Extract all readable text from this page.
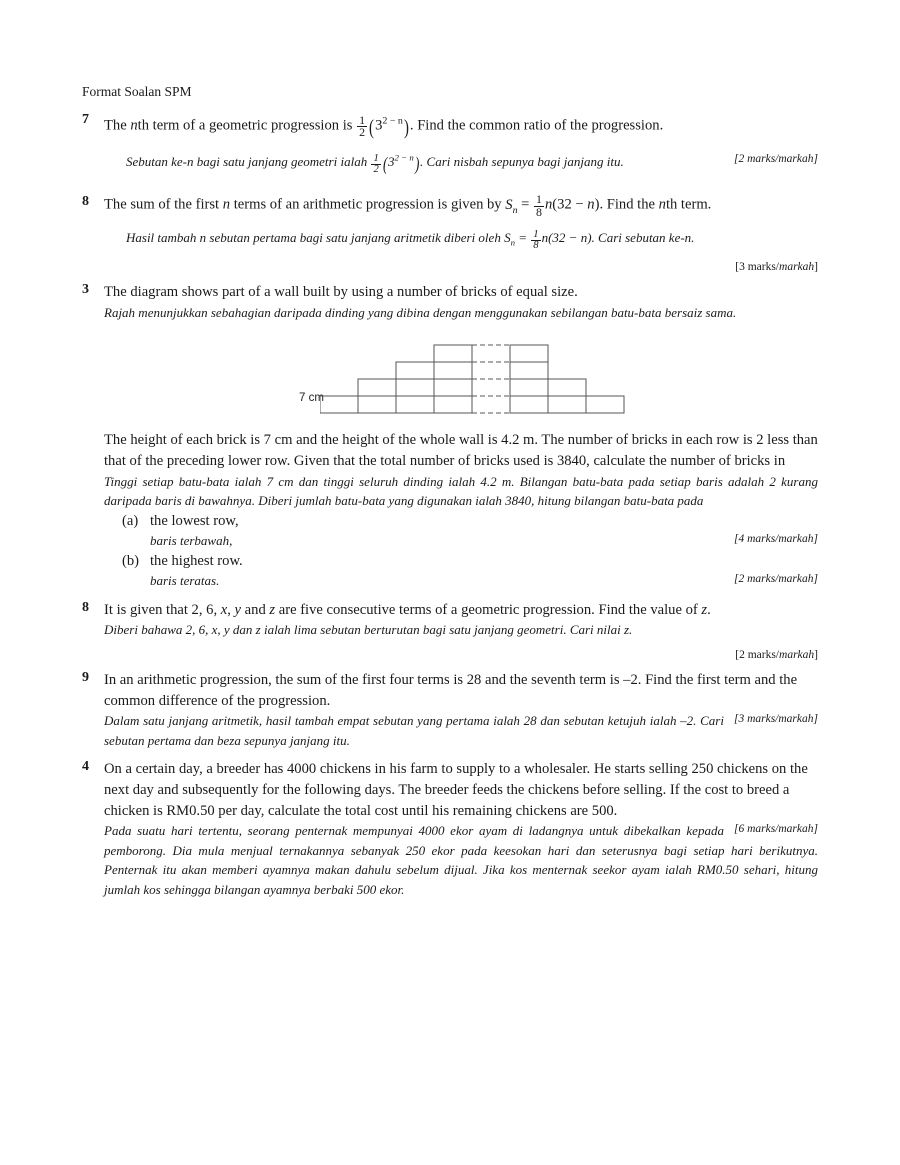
Format Soalan SPM
7 The nth term of a geometric progression is $\frac{1}{2} (3^{2 - n})$. Find the common ratio of the progression.
[2 marks/markah]
Sebutan ke-n bagi satu janjang geometri ialah $\frac{1}{2} (3^{2 - n})$. Cari nisbah sepunya bagi janjang itu.
8 The sum of the first n terms of an arithmetic progression is given by $S_n = \frac{1}{8} n(32 - n)$. Find the nth term.
Hasil tambah n sebutan pertama bagi satu janjang aritmetik diberi oleh $S_n = \frac{1}{8} n(32 - n)$. Cari sebutan ke-n.
[3 marks/markah]
3 The diagram shows part of a wall built by using a number of bricks of equal size.
Rajah menunjukkan sebahagian daripada dinding yang dibina dengan menggunakan sebilangan batu-bata bersaiz sama.
7 cm
The height of each brick is 7 cm and the height of the whole wall is 4.2 m. The number of bricks in each row is 2 less than that of the preceding lower row. Given that the total number of bricks used is 3840, calculate the number of bricks in
Tinggi setiap batu-bata ialah 7 cm dan tinggi seluruh dinding ialah 4.2 m. Bilangan batu-bata pada setiap baris adalah 2 kurang daripada baris di bawahnya. Diberi jumlah batu-bata yang digunakan ialah 3840, hitung bilangan batu-bata pada
(a) the lowest row,
[4 marks/markah]
baris terbawah,
(b) the highest row.
[2 marks/markah]
baris teratas.
8 It is given that 2, 6, x, y and z are five consecutive terms of a geometric progression. Find the value of z.
Diberi bahawa 2, 6, x, y dan z ialah lima sebutan berturutan bagi satu janjang geometri. Cari nilai z.
[2 marks/markah]
9 In an arithmetic progression, the sum of the first four terms is 28 and the seventh term is –2. Find the first term and the common difference of the progression.
[3 marks/markah]
Dalam satu janjang aritmetik, hasil tambah empat sebutan yang pertama ialah 28 dan sebutan ketujuh ialah –2. Cari sebutan pertama dan beza sepunya janjang itu.
4 On a certain day, a breeder has 4000 chickens in his farm to supply to a wholesaler. He starts selling 250 chickens on the next day and subsequently for the following days. The breeder feeds the chickens before selling. If the cost to breed a chicken is RM0.50 per day, calculate the total cost until his remaining chickens are 500.
[6 marks/markah]
Pada suatu hari tertentu, seorang penternak mempunyai 4000 ekor ayam di ladangnya untuk dibekalkan kepada pemborong. Dia mula menjual ternakannya sebanyak 250 ekor pada keesokan hari dan seterusnya bagi setiap hari berikutnya. Penternak itu akan memberi ayamnya makan dahulu sebelum dijual. Jika kos menternak seekor ayam ialah RM0.50 sehari, hitung jumlah kos sehingga bilangan ayamnya berbaki 500 ekor.
